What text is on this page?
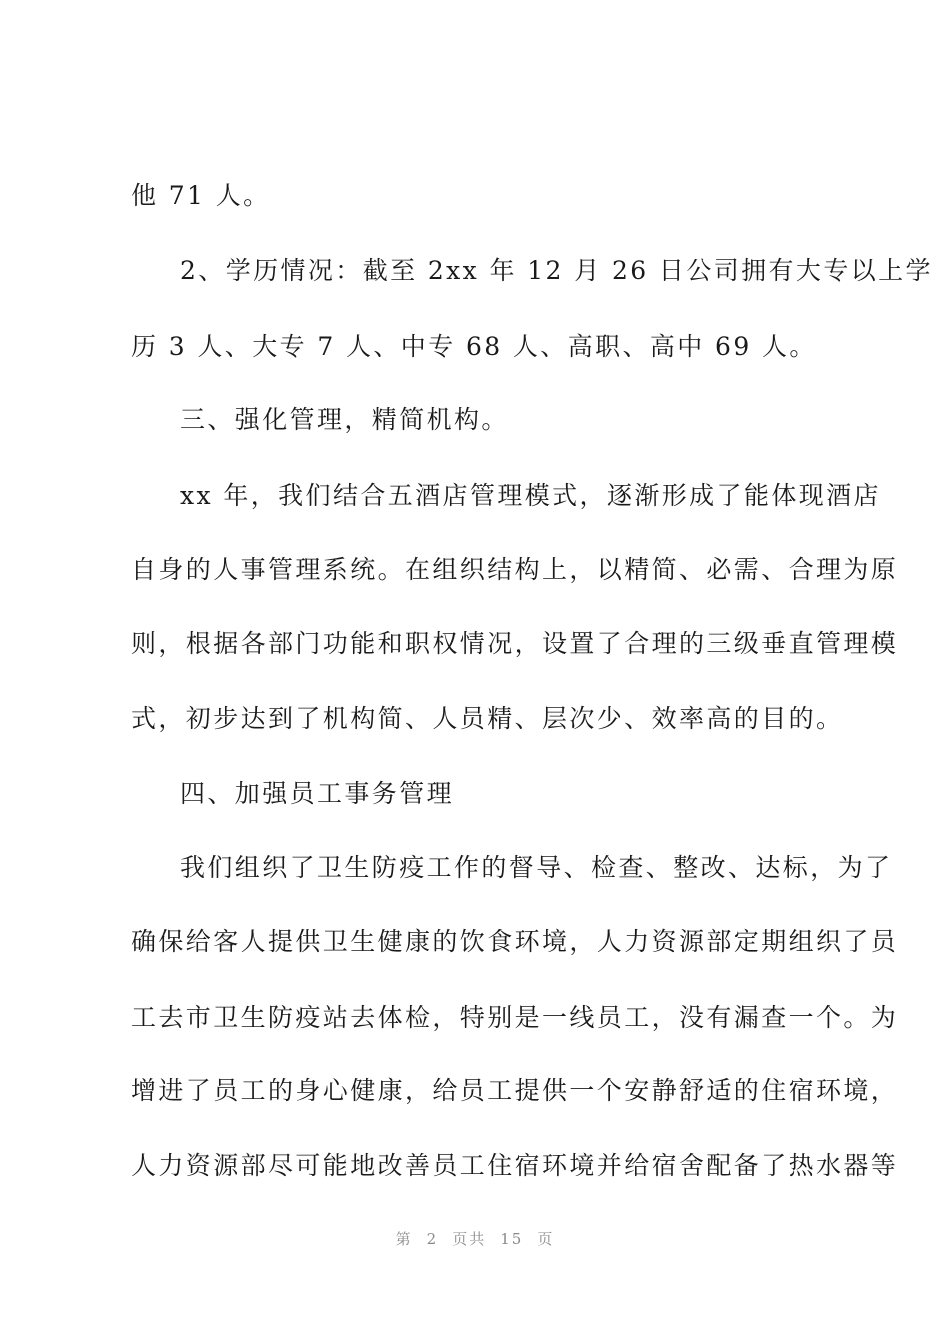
他 71 人。
2、学历情况：截至 2xx 年 12 月 26 日公司拥有大专以上学
历 3 人、大专 7 人、中专 68 人、高职、高中 69 人。
三、强化管理，精简机构。
xx 年，我们结合五酒店管理模式，逐渐形成了能体现酒店
自身的人事管理系统。在组织结构上，以精简、必需、合理为原
则，根据各部门功能和职权情况，设置了合理的三级垂直管理模
式，初步达到了机构简、人员精、层次少、效率高的目的。
四、加强员工事务管理
我们组织了卫生防疫工作的督导、检查、整改、达标，为了
确保给客人提供卫生健康的饮食环境，人力资源部定期组织了员
工去市卫生防疫站去体检，特别是一线员工，没有漏查一个。为
增进了员工的身心健康，给员工提供一个安静舒适的住宿环境，
人力资源部尽可能地改善员工住宿环境并给宿舍配备了热水器等
第 2 页共 15 页
